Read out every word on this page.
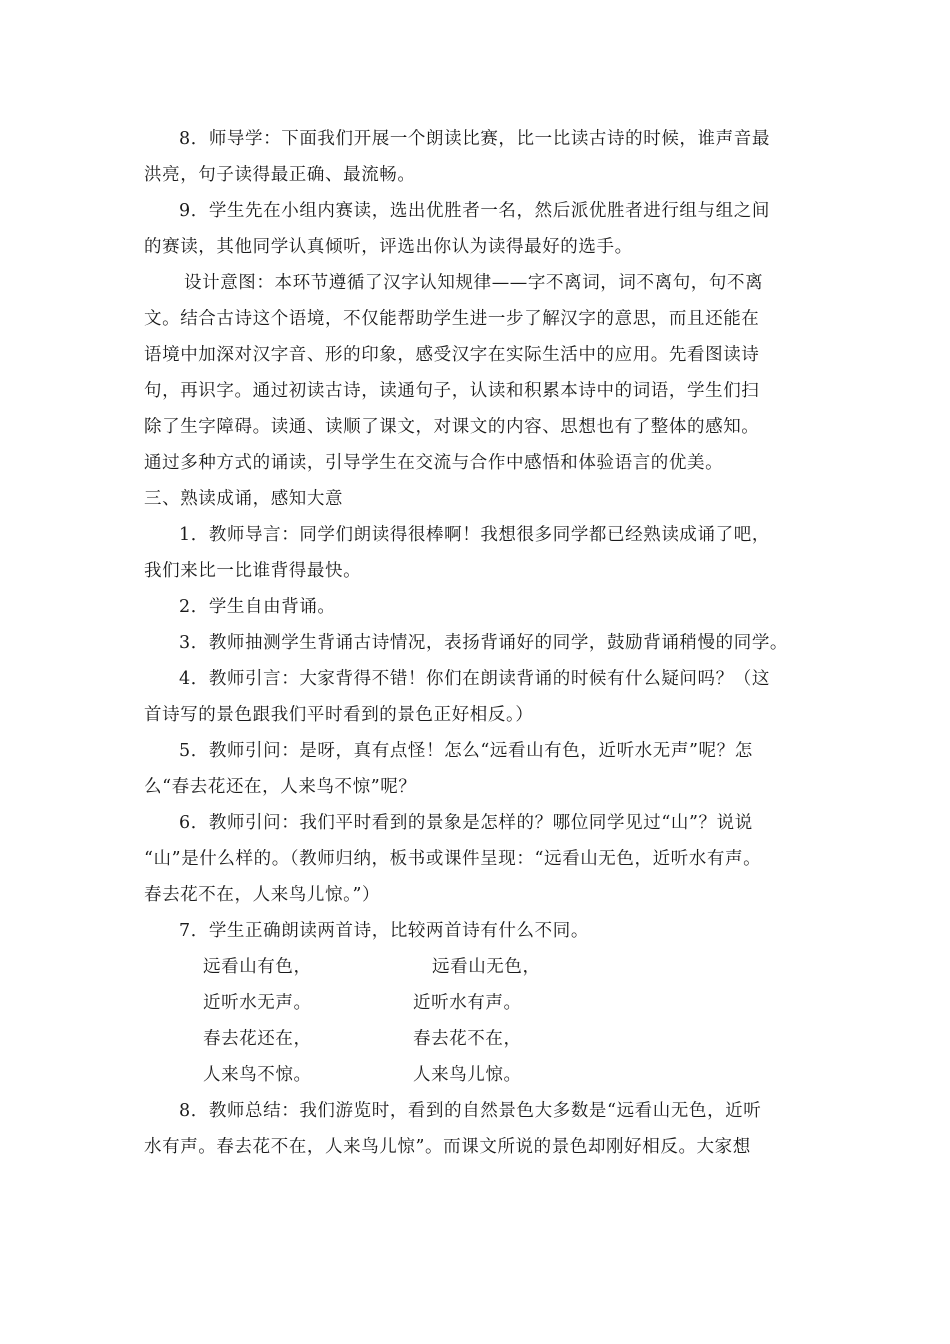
8．师导学：下面我们开展一个朗读比赛，比一比读古诗的时候，谁声音最
洪亮，句子读得最正确、最流畅。
9．学生先在小组内赛读，选出优胜者一名，然后派优胜者进行组与组之间
的赛读，其他同学认真倾听，评选出你认为读得最好的选手。
设计意图：本环节遵循了汉字认知规律——字不离词，词不离句，句不离
文。结合古诗这个语境，不仅能帮助学生进一步了解汉字的意思，而且还能在
语境中加深对汉字音、形的印象，感受汉字在实际生活中的应用。先看图读诗
句，再识字。通过初读古诗，读通句子，认读和积累本诗中的词语，学生们扫
除了生字障碍。读通、读顺了课文，对课文的内容、思想也有了整体的感知。
通过多种方式的诵读，引导学生在交流与合作中感悟和体验语言的优美。
三、熟读成诵，感知大意
1．教师导言：同学们朗读得很棒啊！我想很多同学都已经熟读成诵了吧，
我们来比一比谁背得最快。
2．学生自由背诵。
3．教师抽测学生背诵古诗情况，表扬背诵好的同学，鼓励背诵稍慢的同学。
4．教师引言：大家背得不错！你们在朗读背诵的时候有什么疑问吗？（这
首诗写的景色跟我们平时看到的景色正好相反。）
5．教师引问：是呀，真有点怪！怎么“远看山有色，近听水无声”呢？怎
么“春去花还在，人来鸟不惊”呢？
6．教师引问：我们平时看到的景象是怎样的？哪位同学见过“山”？说说
“山”是什么样的。（教师归纳，板书或课件呈现：“远看山无色，近听水有声。
春去花不在，人来鸟儿惊。”）
7．学生正确朗读两首诗，比较两首诗有什么不同。
远看山有色，	远看山无色，
近听水无声。	近听水有声。
春去花还在，	春去花不在，
人来鸟不惊。	人来鸟儿惊。
8．教师总结：我们游览时，看到的自然景色大多数是“远看山无色，近听
水有声。春去花不在，人来鸟儿惊”。而课文所说的景色却刚好相反。大家想
